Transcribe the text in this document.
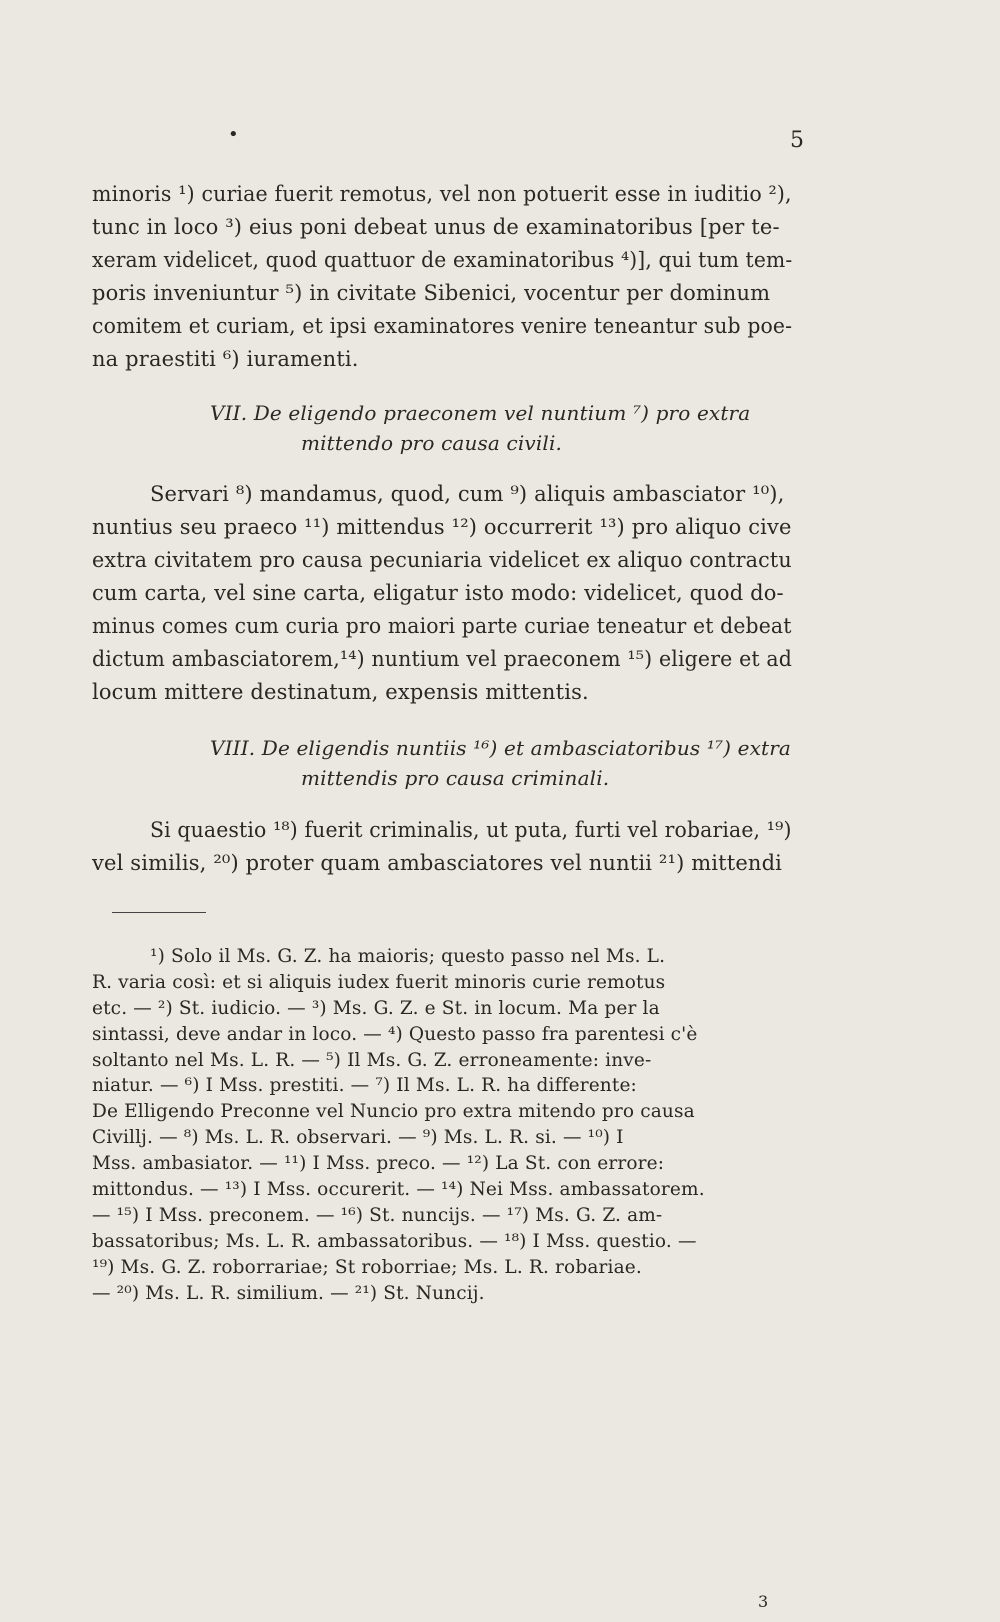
•	5
minoris ¹) curiae fuerit remotus, vel non potuerit esse in iuditio ²),
tunc in loco ³) eius poni debeat unus de examinatoribus [per te-
xeram videlicet, quod quattuor de examinatoribus ⁴)], qui tum tem-
poris inveniuntur ⁵) in civitate Sibenici, vocentur per dominum
comitem et curiam, et ipsi examinatores venire teneantur sub poe-
na praestiti ⁶) iuramenti.
VII. De eligendo praeconem vel nuntium ⁷) pro extra
mittendo pro causa civili.
Servari ⁸) mandamus, quod, cum ⁹) aliquis ambasciator ¹⁰),
nuntius seu praeco ¹¹) mittendus ¹²) occurrerit ¹³) pro aliquo cive
extra civitatem pro causa pecuniaria videlicet ex aliquo contractu
cum carta, vel sine carta, eligatur isto modo: videlicet, quod do-
minus comes cum curia pro maiori parte curiae teneatur et debeat
dictum ambasciatorem,¹⁴) nuntium vel praeconem ¹⁵) eligere et ad
locum mittere destinatum, expensis mittentis.
VIII. De eligendis nuntiis ¹⁶) et ambasciatoribus ¹⁷) extra
mittendis pro causa criminali.
Si quaestio ¹⁸) fuerit criminalis, ut puta, furti vel robariae, ¹⁹)
vel similis, ²⁰) proter quam ambasciatores vel nuntii ²¹) mittendi
¹) Solo il Ms. G. Z. ha maioris; questo passo nel Ms. L.
R. varia così: et si aliquis iudex fuerit minoris curie remotus
etc. — ²) St. iudicio. — ³) Ms. G. Z. e St. in locum. Ma per la
sintassi, deve andar in loco. — ⁴) Questo passo fra parentesi c'è
soltanto nel Ms. L. R. — ⁵) Il Ms. G. Z. erroneamente: inve-
niatur. — ⁶) I Mss. prestiti. — ⁷) Il Ms. L. R. ha differente:
De Elligendo Preconne vel Nuncio pro extra mitendo pro causa
Civillj. — ⁸) Ms. L. R. observari. — ⁹) Ms. L. R. si. — ¹⁰) I
Mss. ambasiator. — ¹¹) I Mss. preco. — ¹²) La St. con errore:
mittondus. — ¹³) I Mss. occurerit. — ¹⁴) Nei Mss. ambassatorem.
— ¹⁵) I Mss. preconem. — ¹⁶) St. nuncijs. — ¹⁷) Ms. G. Z. am-
bassatoribus; Ms. L. R. ambassatoribus. — ¹⁸) I Mss. questio. —
¹⁹) Ms. G. Z. roborrariae; St roborriae; Ms. L. R. robariae.
— ²⁰) Ms. L. R. similium. — ²¹) St. Nuncij.
3
